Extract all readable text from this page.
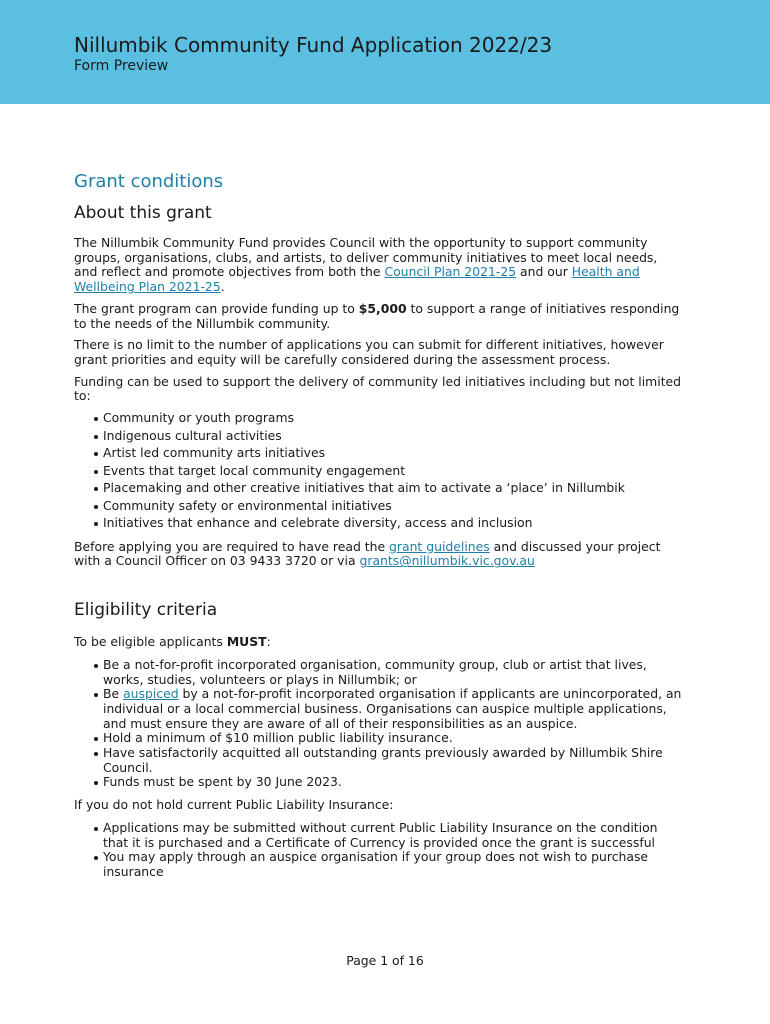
Nillumbik Community Fund Application 2022/23
Form Preview
Grant conditions
About this grant

The Nillumbik Community Fund provides Council with the opportunity to support community groups, organisations, clubs, and artists, to deliver community initiatives to meet local needs, and reflect and promote objectives from both the Council Plan 2021-25 and our Health and Wellbeing Plan 2021-25.

The grant program can provide funding up to $5,000 to support a range of initiatives responding to the needs of the Nillumbik community.

There is no limit to the number of applications you can submit for different initiatives, however grant priorities and equity will be carefully considered during the assessment process.

Funding can be used to support the delivery of community led initiatives including but not limited to:

Community or youth programs
Indigenous cultural activities
Artist led community arts initiatives
Events that target local community engagement
Placemaking and other creative initiatives that aim to activate a ‘place’ in Nillumbik
Community safety or environmental initiatives
Initiatives that enhance and celebrate diversity, access and inclusion

Before applying you are required to have read the grant guidelines and discussed your project with a Council Officer on 03 9433 3720 or via grants@nillumbik.vic.gov.au

Eligibility criteria

To be eligible applicants MUST:

Be a not-for-profit incorporated organisation, community group, club or artist that lives, works, studies, volunteers or plays in Nillumbik; or
Be auspiced by a not-for-profit incorporated organisation if applicants are unincorporated, an individual or a local commercial business. Organisations can auspice multiple applications, and must ensure they are aware of all of their responsibilities as an auspice.
Hold a minimum of $10 million public liability insurance.
Have satisfactorily acquitted all outstanding grants previously awarded by Nillumbik Shire Council.
Funds must be spent by 30 June 2023.

If you do not hold current Public Liability Insurance:

Applications may be submitted without current Public Liability Insurance on the condition that it is purchased and a Certificate of Currency is provided once the grant is successful
You may apply through an auspice organisation if your group does not wish to purchase insurance
Page 1 of 16
